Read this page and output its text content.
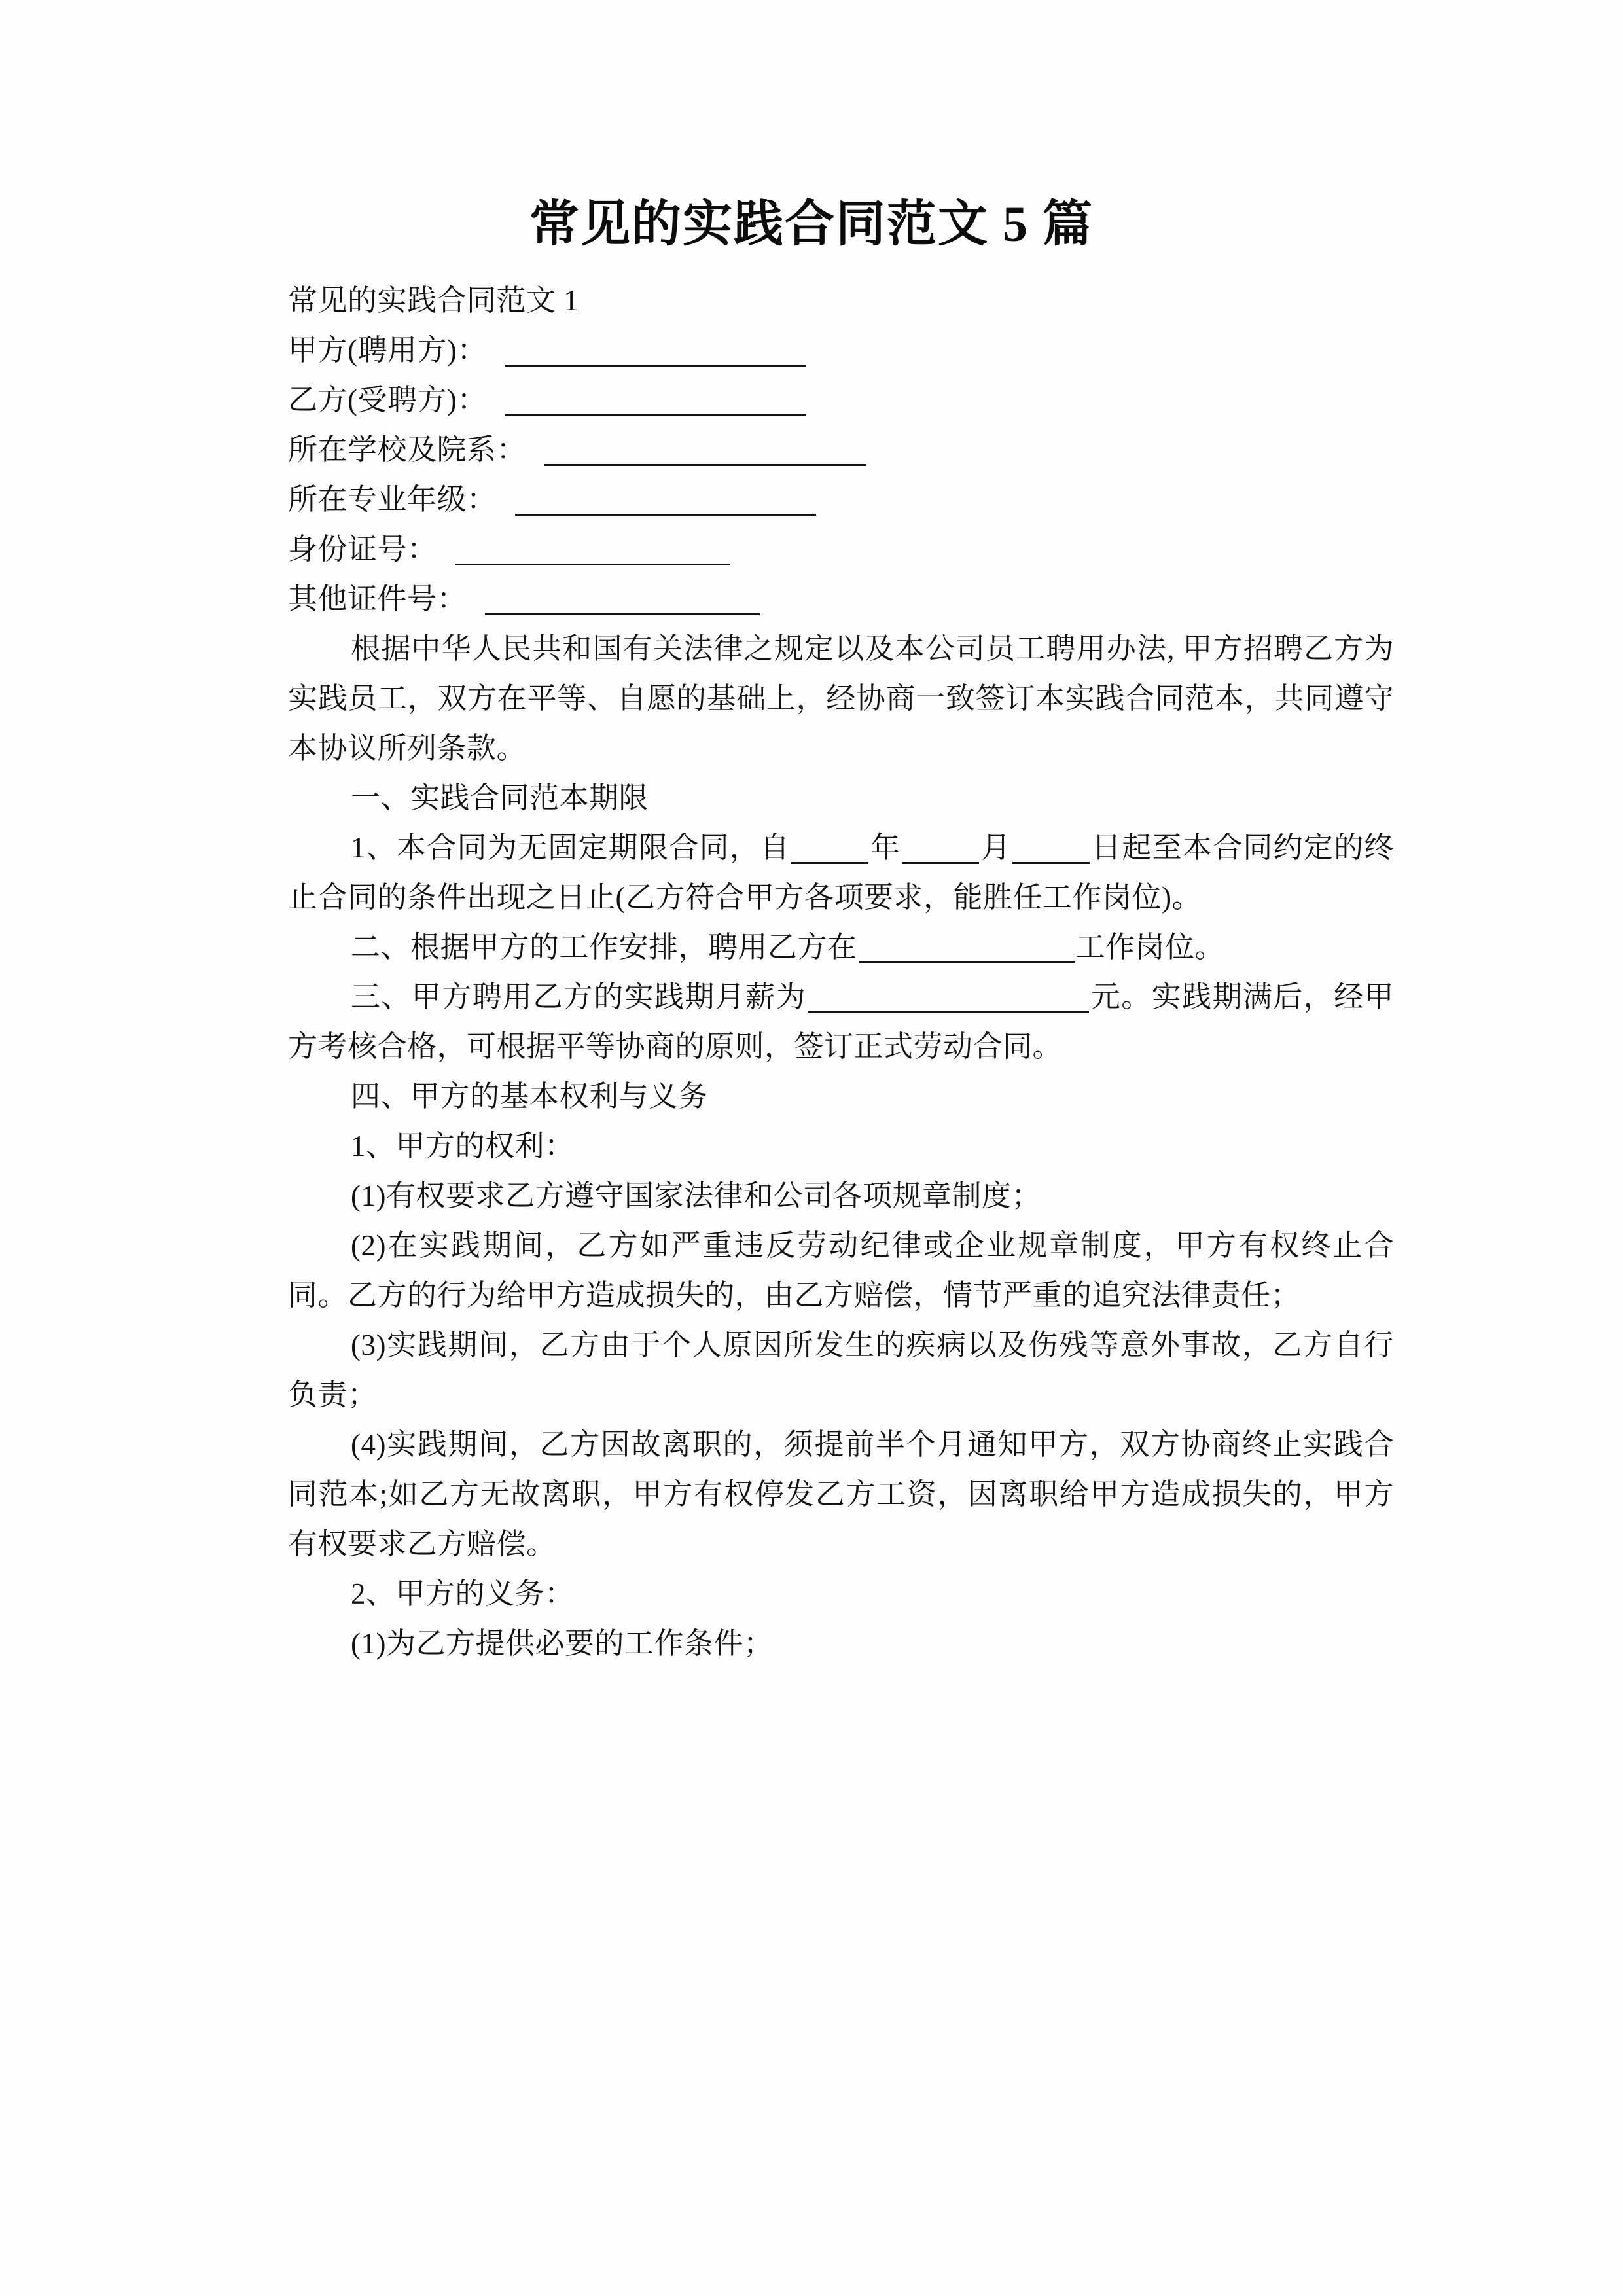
常见的实践合同范文 5 篇

常见的实践合同范文 1

甲方(聘用方)：
乙方(受聘方)：
所在学校及院系：
所在专业年级：
身份证号：
其他证件号：

根据中华人民共和国有关法律之规定以及本公司员工聘用办法, 甲方招聘乙方为实践员工，双方在平等、自愿的基础上，经协商一致签订本实践合同范本，共同遵守本协议所列条款。

一、实践合同范本期限

1、本合同为无固定期限合同，自	年	月	日起至本合同约定的终止合同的条件出现之日止(乙方符合甲方各项要求，能胜任工作岗位)。

二、根据甲方的工作安排，聘用乙方在	工作岗位。

三、甲方聘用乙方的实践期月薪为	元。实践期满后，经甲方考核合格，可根据平等协商的原则，签订正式劳动合同。

四、甲方的基本权利与义务

1、甲方的权利：

(1)有权要求乙方遵守国家法律和公司各项规章制度；

(2)在实践期间，乙方如严重违反劳动纪律或企业规章制度，甲方有权终止合同。乙方的行为给甲方造成损失的，由乙方赔偿，情节严重的追究法律责任；

(3)实践期间，乙方由于个人原因所发生的疾病以及伤残等意外事故，乙方自行负责；

(4)实践期间，乙方因故离职的，须提前半个月通知甲方，双方协商终止实践合同范本;如乙方无故离职，甲方有权停发乙方工资，因离职给甲方造成损失的，甲方有权要求乙方赔偿。

2、甲方的义务：

(1)为乙方提供必要的工作条件；
